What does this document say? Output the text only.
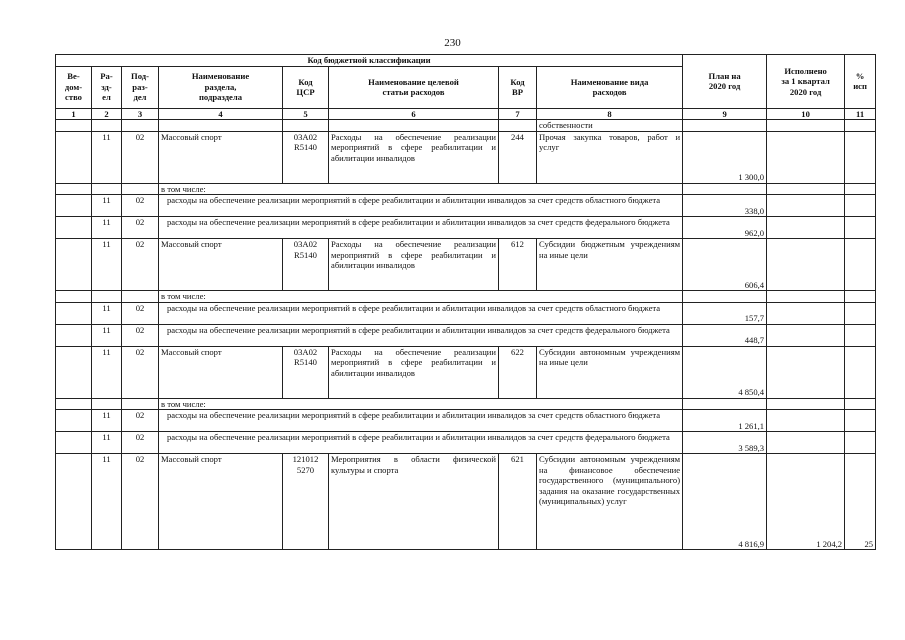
230
Код бюджетной классификации								План на
2020 год	Исполнено
за 1 квартал
2020 год	%
исп
Ве-
дом-
ство	Ра-
зд-
ел	Под-
раз-
дел	Наименование
раздела,
подраздела	Код
ЦСР	Наименование целевой
статьи расходов	Код
ВР	Наименование вида
расходов			
1	2	3	4	5	6	7	8	9	10	11
							собственности			
	11	02	Массовый спорт	03А02 R5140	Расходы на обеспечение реализации мероприятий в сфере реабилитации и абилитации инвалидов	244	Прочая закупка товаров, работ и услуг	1 300,0		
			в том числе:							
	11	02	расходы на обеспечение реализации мероприятий в сфере реабилитации и абилитации инвалидов за счет средств областного бюджета					338,0		
	11	02	расходы на обеспечение реализации мероприятий в сфере реабилитации и абилитации инвалидов за счет средств федерального бюджета					962,0		
	11	02	Массовый спорт	03А02 R5140	Расходы на обеспечение реализации мероприятий в сфере реабилитации и абилитации инвалидов	612	Субсидии бюджетным учреждениям на иные цели	606,4		
			в том числе:							
	11	02	расходы на обеспечение реализации мероприятий в сфере реабилитации и абилитации инвалидов за счет средств областного бюджета					157,7		
	11	02	расходы на обеспечение реализации мероприятий в сфере реабилитации и абилитации инвалидов за счет средств федерального бюджета					448,7		
	11	02	Массовый спорт	03А02 R5140	Расходы на обеспечение реализации мероприятий в сфере реабилитации и абилитации инвалидов	622	Субсидии автономным учреждениям на иные цели	4 850,4		
			в том числе:							
	11	02	расходы на обеспечение реализации мероприятий в сфере реабилитации и абилитации инвалидов за счет средств областного бюджета					1 261,1		
	11	02	расходы на обеспечение реализации мероприятий в сфере реабилитации и абилитации инвалидов за счет средств федерального бюджета					3 589,3		
	11	02	Массовый спорт	121012 5270	Мероприятия в области физической культуры и спорта	621	Субсидии автономным учреждениям на финансовое обеспечение государственного (муниципального) задания на оказание государственных (муниципальных) услуг	4 816,9	1 204,2	25
